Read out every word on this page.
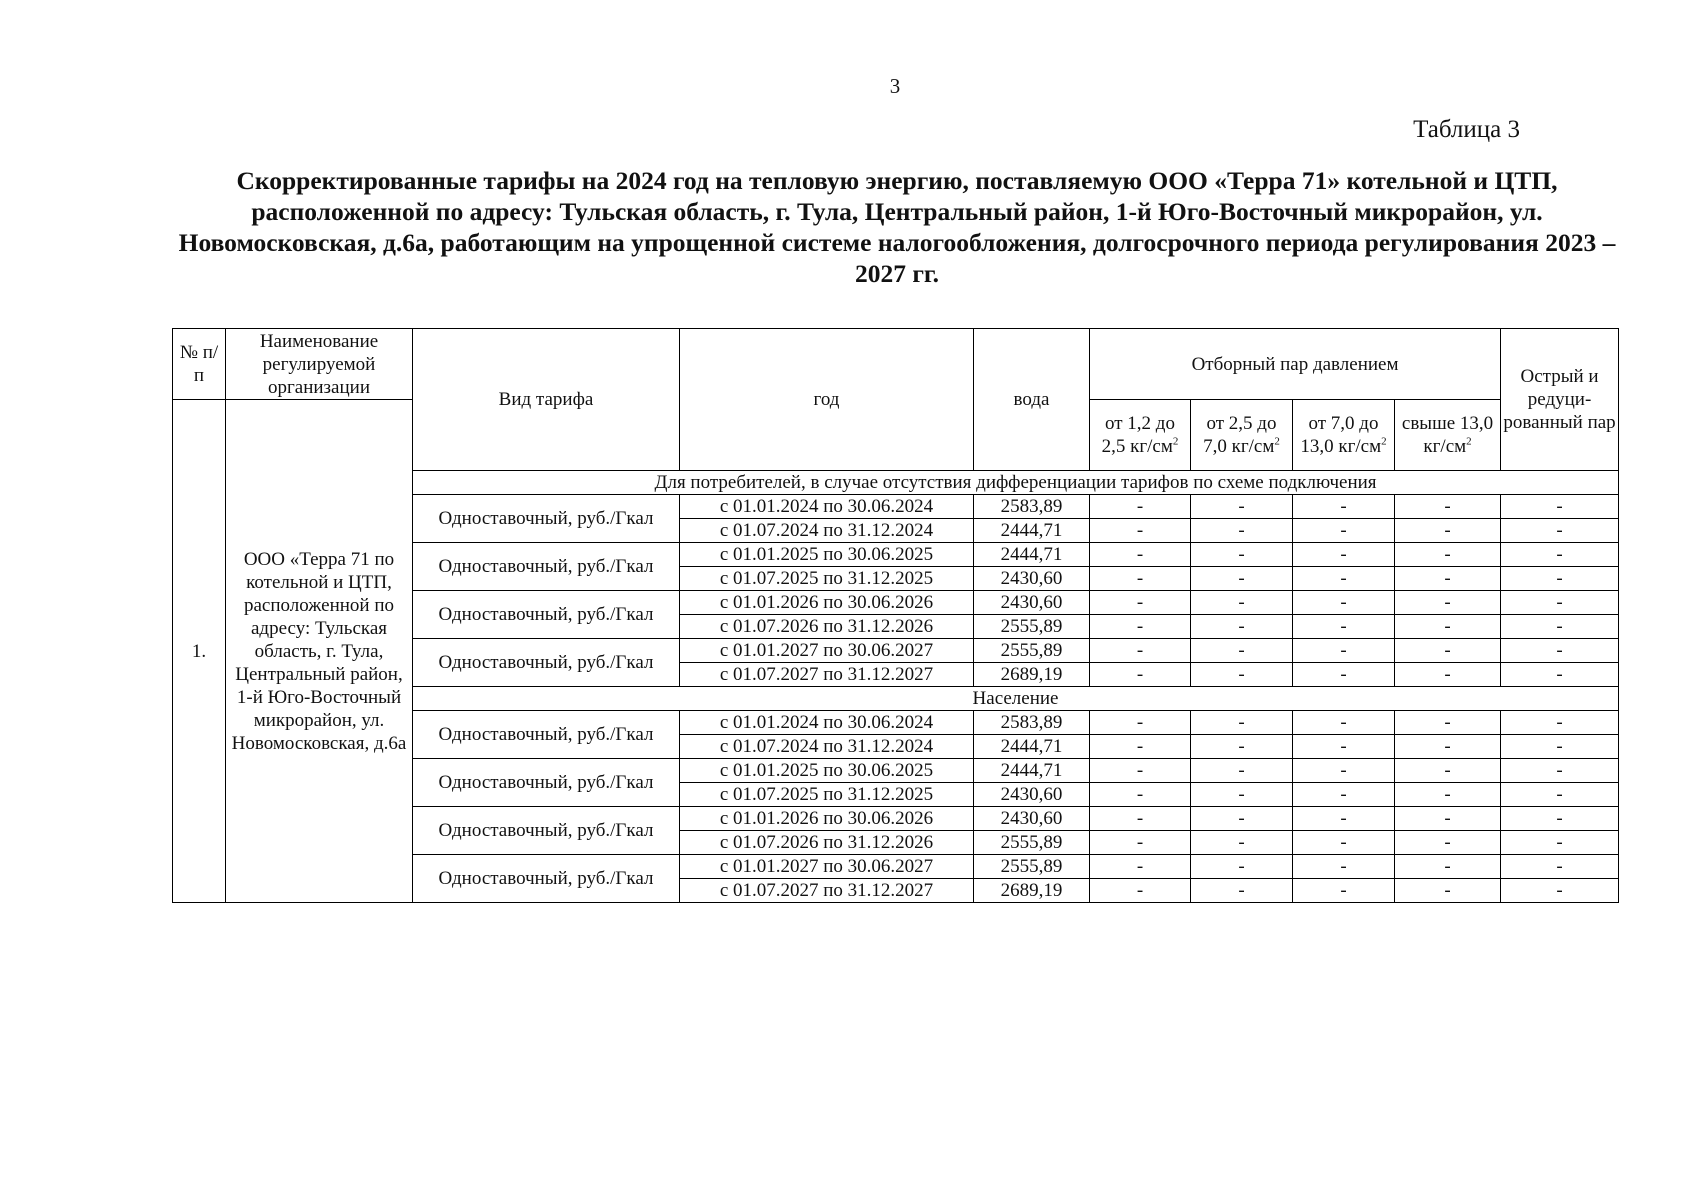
3
Таблица 3
Скорректированные тарифы на 2024 год на тепловую энергию, поставляемую ООО «Терра 71» котельной и ЦТП, расположенной по адресу: Тульская область, г. Тула, Центральный район, 1-й Юго-Восточный микрорайон, ул. Новомосковская, д.6а, работающим на упрощенной системе налогообложения, долгосрочного периода регулирования 2023 – 2027 гг.
№ п/п	Наименование регулируемой организации	Вид тарифа	год	вода	Отборный пар давлением				Острый и редуци-рованный пар
1.	ООО «Терра 71 по котельной и ЦТП, расположенной по адресу: Тульская область, г. Тула, Центральный район, 1-й Юго-Восточный микрорайон, ул. Новомосковская, д.6а				от 1,2 до 2,5 $кг/см^2$	от 2,5 до 7,0 $кг/см^2$	от 7,0 до 13,0 $кг/см^2$	свыше 13,0 $кг/см^2$
		Для потребителей, в случае отсутствия дифференциации тарифов по схеме подключения							
		Одноставочный, руб./Гкал	с 01.01.2024 по 30.06.2024	2583,89	-	-	-	-	-
			с 01.07.2024 по 31.12.2024	2444,71	-	-	-	-	-
		Одноставочный, руб./Гкал	с 01.01.2025 по 30.06.2025	2444,71	-	-	-	-	-
			с 01.07.2025 по 31.12.2025	2430,60	-	-	-	-	-
		Одноставочный, руб./Гкал	с 01.01.2026 по 30.06.2026	2430,60	-	-	-	-	-
			с 01.07.2026 по 31.12.2026	2555,89	-	-	-	-	-
		Одноставочный, руб./Гкал	с 01.01.2027 по 30.06.2027	2555,89	-	-	-	-	-
			с 01.07.2027 по 31.12.2027	2689,19	-	-	-	-	-
		Население							
		Одноставочный, руб./Гкал	с 01.01.2024 по 30.06.2024	2583,89	-	-	-	-	-
			с 01.07.2024 по 31.12.2024	2444,71	-	-	-	-	-
		Одноставочный, руб./Гкал	с 01.01.2025 по 30.06.2025	2444,71	-	-	-	-	-
			с 01.07.2025 по 31.12.2025	2430,60	-	-	-	-	-
		Одноставочный, руб./Гкал	с 01.01.2026 по 30.06.2026	2430,60	-	-	-	-	-
			с 01.07.2026 по 31.12.2026	2555,89	-	-	-	-	-
		Одноставочный, руб./Гкал	с 01.01.2027 по 30.06.2027	2555,89	-	-	-	-	-
			с 01.07.2027 по 31.12.2027	2689,19	-	-	-	-	-
